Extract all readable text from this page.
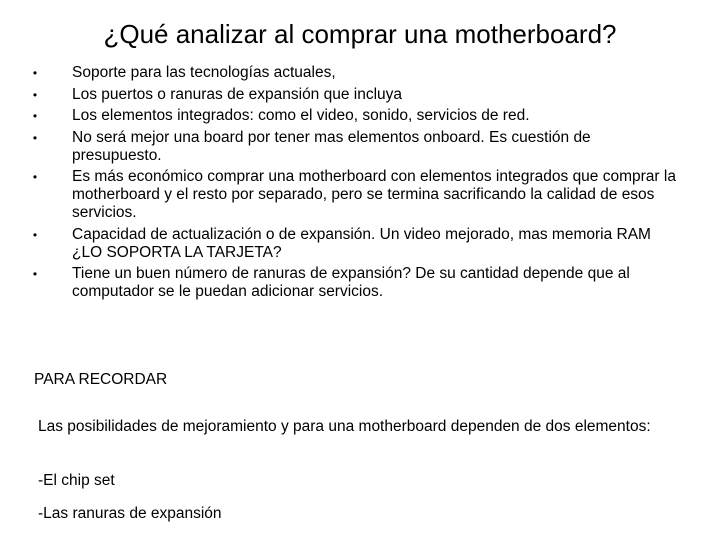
¿Qué analizar al comprar una motherboard?
• Soporte para las tecnologías actuales,
• Los puertos o ranuras de expansión que incluya
• Los elementos integrados: como el video, sonido, servicios de red.
• No será mejor una board por tener mas elementos onboard. Es cuestión de presupuesto.
• Es más económico comprar una motherboard con elementos integrados que comprar la motherboard y el resto por separado, pero se termina sacrificando la calidad de esos servicios.
• Capacidad de actualización o de expansión. Un video mejorado, mas memoria RAM ¿LO SOPORTA LA TARJETA?
• Tiene un buen número de ranuras de expansión? De su cantidad depende que al computador se le puedan adicionar servicios.
PARA RECORDAR

Las posibilidades de mejoramiento y para una motherboard dependen de dos elementos:

-El chip set

-Las ranuras de expansión
